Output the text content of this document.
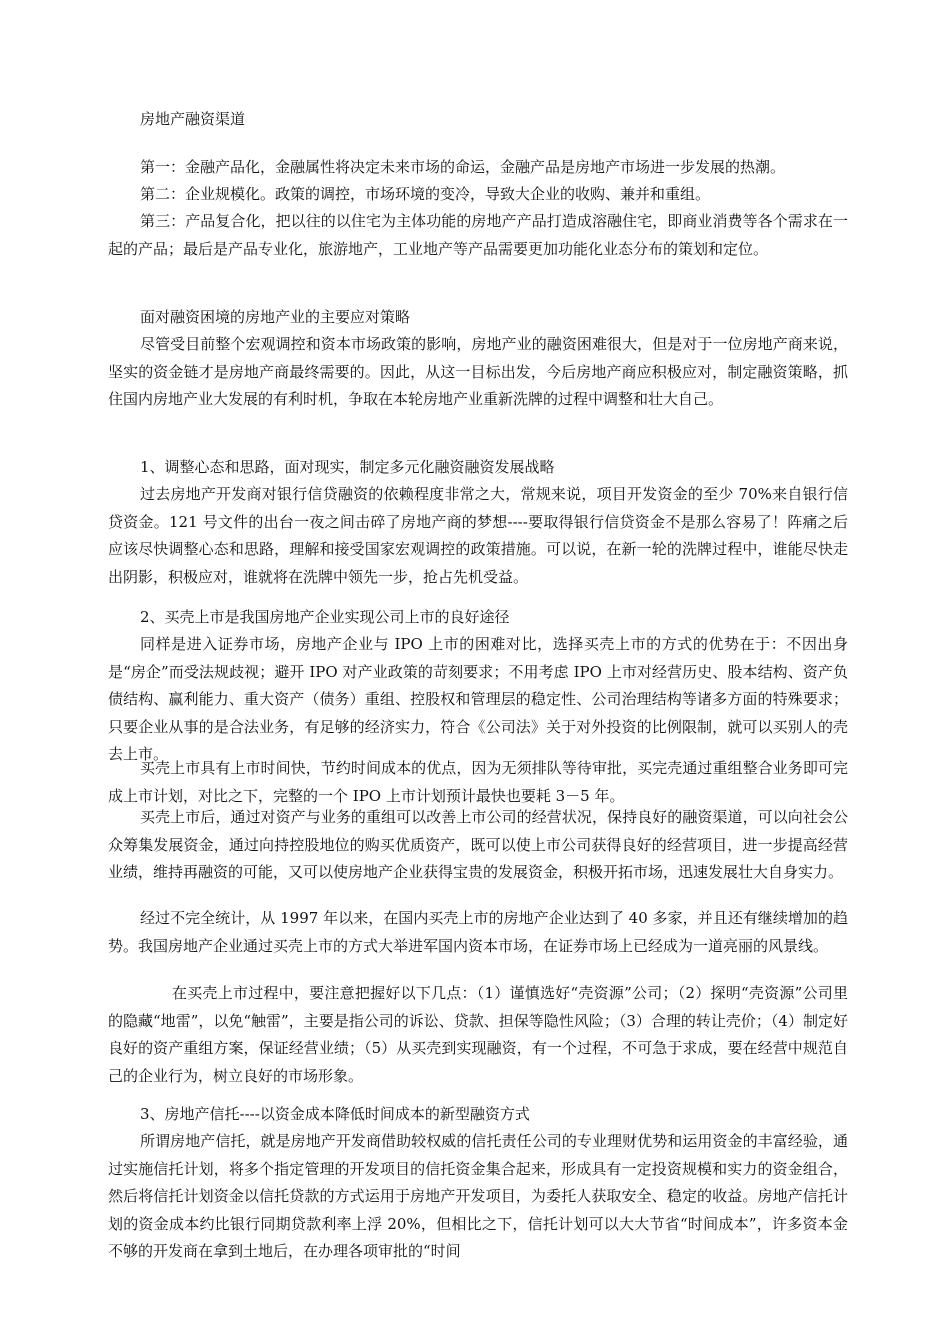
房地产融资渠道

第一：金融产品化，金融属性将决定未来市场的命运，金融产品是房地产市场进一步发展的热潮。

第二：企业规模化。政策的调控，市场环境的变冷，导致大企业的收购、兼并和重组。

第三：产品复合化，把以往的以住宅为主体功能的房地产产品打造成溶融住宅，即商业消费等各个需求在一起的产品；最后是产品专业化，旅游地产，工业地产等产品需要更加功能化业态分布的策划和定位。

面对融资困境的房地产业的主要应对策略

尽管受目前整个宏观调控和资本市场政策的影响，房地产业的融资困难很大，但是对于一位房地产商来说，坚实的资金链才是房地产商最终需要的。因此，从这一目标出发，今后房地产商应积极应对，制定融资策略，抓住国内房地产业大发展的有利时机，争取在本轮房地产业重新洗牌的过程中调整和壮大自己。

1、调整心态和思路，面对现实，制定多元化融资融资发展战略

过去房地产开发商对银行信贷融资的依赖程度非常之大，常规来说，项目开发资金的至少 70%来自银行信贷资金。121 号文件的出台一夜之间击碎了房地产商的梦想----要取得银行信贷资金不是那么容易了！阵痛之后应该尽快调整心态和思路，理解和接受国家宏观调控的政策措施。可以说，在新一轮的洗牌过程中，谁能尽快走出阴影，积极应对，谁就将在洗牌中领先一步，抢占先机受益。

2、买壳上市是我国房地产企业实现公司上市的良好途径

同样是进入证券市场，房地产企业与 IPO 上市的困难对比，选择买壳上市的方式的优势在于：不因出身是“房企”而受法规歧视；避开 IPO 对产业政策的苛刻要求；不用考虑 IPO 上市对经营历史、股本结构、资产负债结构、赢利能力、重大资产（债务）重组、控股权和管理层的稳定性、公司治理结构等诸多方面的特殊要求；只要企业从事的是合法业务，有足够的经济实力，符合《公司法》关于对外投资的比例限制，就可以买别人的壳去上市。

买壳上市具有上市时间快，节约时间成本的优点，因为无须排队等待审批，买完壳通过重组整合业务即可完成上市计划，对比之下，完整的一个 IPO 上市计划预计最快也要耗 3－5 年。

买壳上市后，通过对资产与业务的重组可以改善上市公司的经营状况，保持良好的融资渠道，可以向社会公众筹集发展资金，通过向持控股地位的购买优质资产，既可以使上市公司获得良好的经营项目，进一步提高经营业绩，维持再融资的可能，又可以使房地产企业获得宝贵的发展资金，积极开拓市场，迅速发展壮大自身实力。

经过不完全统计，从 1997 年以来，在国内买壳上市的房地产企业达到了 40 多家，并且还有继续增加的趋势。我国房地产企业通过买壳上市的方式大举进军国内资本市场，在证券市场上已经成为一道亮丽的风景线。

在买壳上市过程中，要注意把握好以下几点：（1）谨慎选好“壳资源”公司；（2）探明“壳资源”公司里的隐藏“地雷”，以免“触雷”，主要是指公司的诉讼、贷款、担保等隐性风险；（3）合理的转让壳价；（4）制定好良好的资产重组方案，保证经营业绩；（5）从买壳到实现融资，有一个过程，不可急于求成，要在经营中规范自己的企业行为，树立良好的市场形象。

3、房地产信托----以资金成本降低时间成本的新型融资方式

所谓房地产信托，就是房地产开发商借助较权威的信托责任公司的专业理财优势和运用资金的丰富经验，通过实施信托计划，将多个指定管理的开发项目的信托资金集合起来，形成具有一定投资规模和实力的资金组合，然后将信托计划资金以信托贷款的方式运用于房地产开发项目，为委托人获取安全、稳定的收益。房地产信托计划的资金成本约比银行同期贷款利率上浮 20%，但相比之下，信托计划可以大大节省“时间成本”，许多资本金不够的开发商在拿到土地后，在办理各项审批的“时间
